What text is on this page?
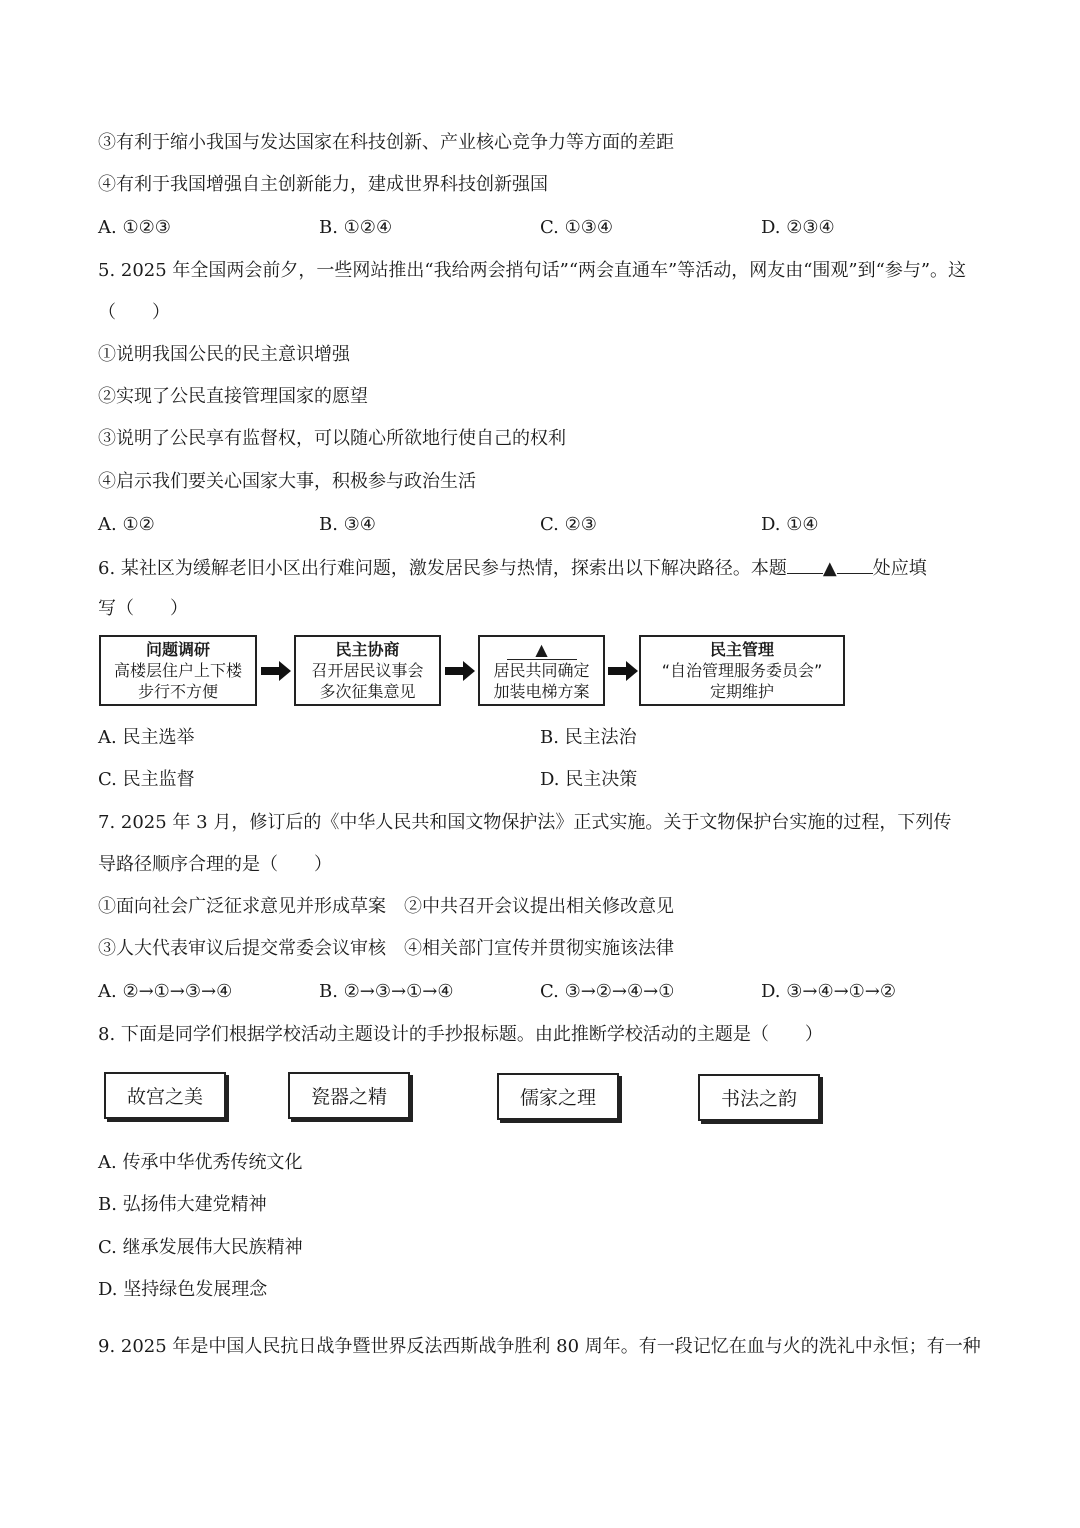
③有利于缩小我国与发达国家在科技创新、产业核心竞争力等方面的差距
④有利于我国增强自主创新能力，建成世界科技创新强国
A. ①②③	B. ①②④	C. ①③④	D. ②③④
5. 2025 年全国两会前夕，一些网站推出“我给两会捎句话”“两会直通车”等活动，网友由“围观”到“参与”。这
（　　）
①说明我国公民的民主意识增强
②实现了公民直接管理国家的愿望
③说明了公民享有监督权，可以随心所欲地行使自己的权利
④启示我们要关心国家大事，积极参与政治生活
A. ①②	B. ③④	C. ②③	D. ①④
6. 某社区为缓解老旧小区出行难问题，激发居民参与热情，探索出以下解决路径。本题 ▲ 处应填
写（　　）
问题调研
高楼层住户上下楼
步行不方便
民主协商
召开居民议事会
多次征集意见
▲
居民共同确定
加装电梯方案
民主管理
“自治管理服务委员会”
定期维护
A. 民主选举	B. 民主法治
C. 民主监督	D. 民主决策
7. 2025 年 3 月，修订后的《中华人民共和国文物保护法》正式实施。关于文物保护台实施的过程，下列传
导路径顺序合理的是（　　）
①面向社会广泛征求意见并形成草案　②中共召开会议提出相关修改意见
③人大代表审议后提交常委会议审核　④相关部门宣传并贯彻实施该法律
A. ②→①→③→④	B. ②→③→①→④	C. ③→②→④→①	D. ③→④→①→②
8. 下面是同学们根据学校活动主题设计的手抄报标题。由此推断学校活动的主题是（　　）
故宫之美	瓷器之精	儒家之理	书法之韵
A. 传承中华优秀传统文化
B. 弘扬伟大建党精神
C. 继承发展伟大民族精神
D. 坚持绿色发展理念
9. 2025 年是中国人民抗日战争暨世界反法西斯战争胜利 80 周年。有一段记忆在血与火的洗礼中永恒；有一种
